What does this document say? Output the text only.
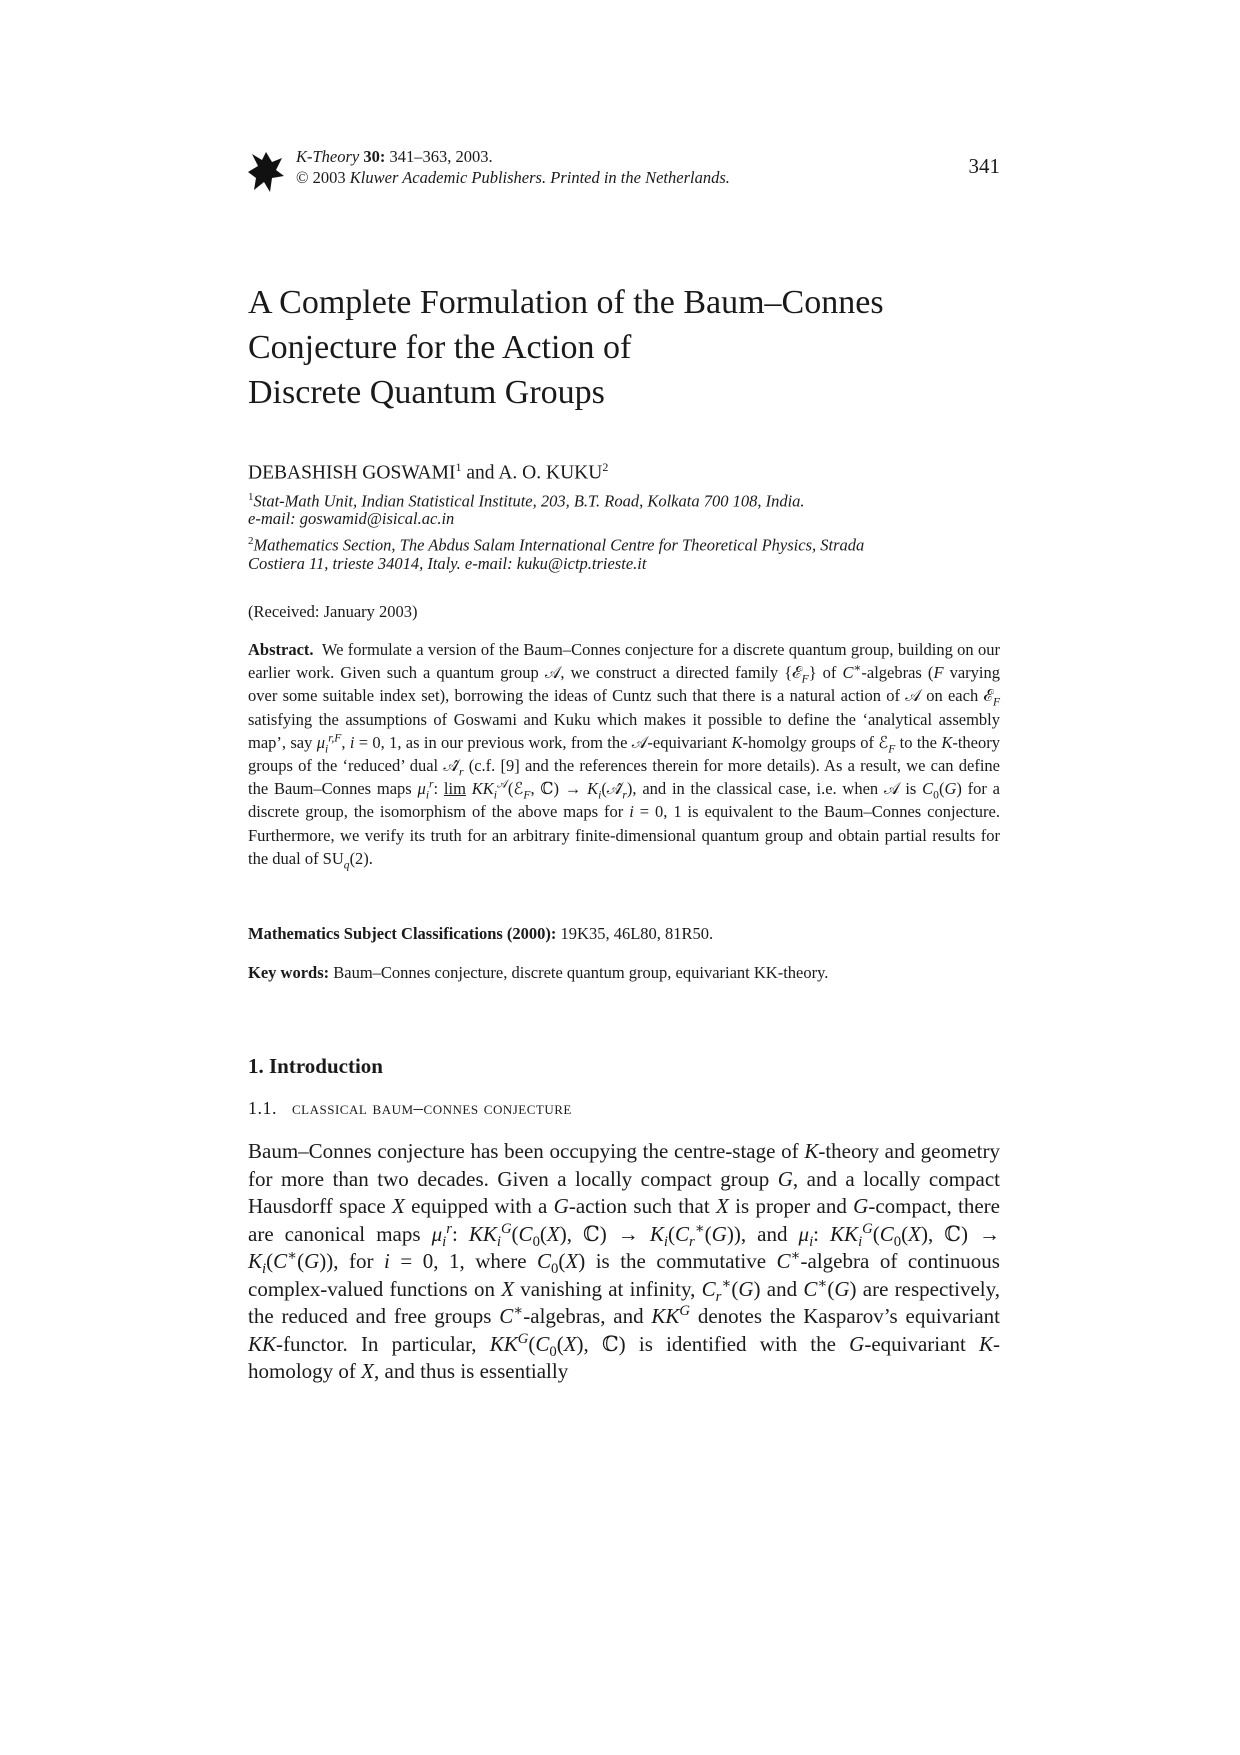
K-Theory 30: 341–363, 2003.
© 2003 Kluwer Academic Publishers. Printed in the Netherlands.	341
A Complete Formulation of the Baum–Connes
Conjecture for the Action of
Discrete Quantum Groups
DEBASHISH GOSWAMI$^1$ and A. O. KUKU$^2$
$^1$Stat-Math Unit, Indian Statistical Institute, 203, B.T. Road, Kolkata 700 108, India.
e-mail: goswamid@isical.ac.in
$^2$Mathematics Section, The Abdus Salam International Centre for Theoretical Physics, Strada
Costiera 11, trieste 34014, Italy. e-mail: kuku@ictp.trieste.it
(Received: January 2003)
Abstract.  We formulate a version of the Baum–Connes conjecture for a discrete quantum group, building on our earlier work. Given such a quantum group 𝒜, we construct a directed family {ℰ$_F$} of C∗-algebras (F varying over some suitable index set), borrowing the ideas of Cuntz such that there is a natural action of 𝒜 on each ℰ$_F$ satisfying the assumptions of Goswami and Kuku which makes it possible to define the ‘analytical assembly map’, say $\mu_i^{r,F}$, i = 0, 1, as in our previous work, from the 𝒜-equivariant K-homolgy groups of ℰ$_F$ to the K-theory groups of the ‘reduced’ dual $𝒜̂_r$ (c.f. [9] and the references therein for more details). As a result, we can define the Baum–Connes maps $\mu_i^r$: $\lim KK_i^𝒜(ℰ_F$, ℂ) → $K_i(𝒜̂_r)$, and in the classical case, i.e. when 𝒜 is $C_0(G)$ for a discrete group, the isomorphism of the above maps for i = 0, 1 is equivalent to the Baum–Connes conjecture. Furthermore, we verify its truth for an arbitrary finite-dimensional quantum group and obtain partial results for the dual of $SU_q(2)$.
Mathematics Subject Classifications (2000): 19K35, 46L80, 81R50.
Key words: Baum–Connes conjecture, discrete quantum group, equivariant KK-theory.
1. Introduction
1.1. classical baum–connes conjecture
Baum–Connes conjecture has been occupying the centre-stage of K-theory and geometry for more than two decades. Given a locally compact group G, and a locally compact Hausdorff space X equipped with a G-action such that X is proper and G-compact, there are canonical maps $\mu_i^r$: $KK_i^G(C_0(X)$, ℂ) → $K_i(C_r^∗(G))$, and $\mu_i$: $KK_i^G(C_0(X)$, ℂ) → $K_i(C^∗(G))$, for i = 0, 1, where $C_0(X)$ is the commutative C∗-algebra of continuous complex-valued functions on X vanishing at infinity, $C_r^∗(G)$ and C∗(G) are respectively, the reduced and free groups C∗-algebras, and $KK^G$ denotes the Kasparov’s equivariant KK-functor. In particular, $KK^G(C_0(X)$, ℂ) is identified with the G-equivariant K-homology of X, and thus is essentially
